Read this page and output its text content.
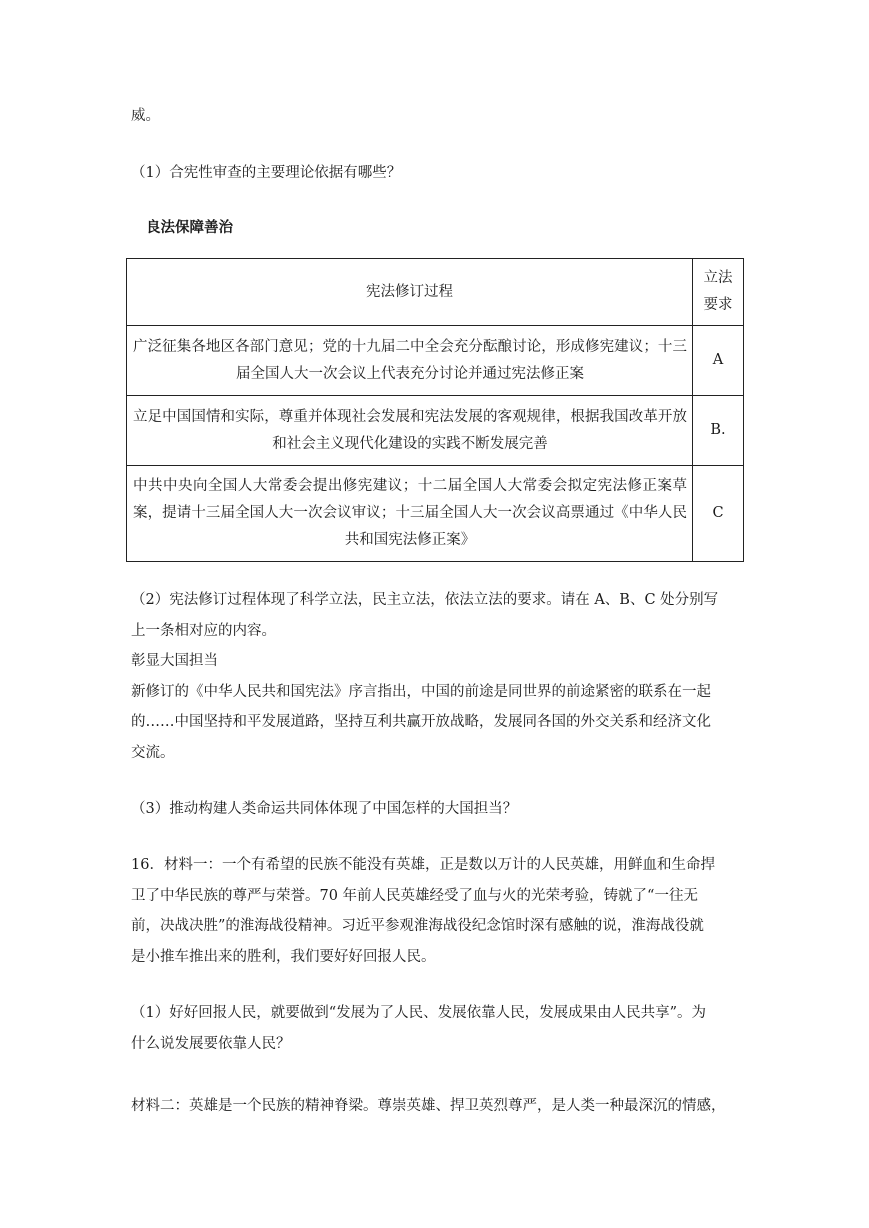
威。

（1）合宪性审查的主要理论依据有哪些？

良法保障善治

宪法修订过程	立法
要求

广泛征集各地区各部门意见；党的十九届二中全会充分酝酿讨论，形成修宪建议；十三届全国人大一次会议上代表充分讨论并通过宪法修正案	A

立足中国国情和实际，尊重并体现社会发展和宪法发展的客观规律，根据我国改革开放和社会主义现代化建设的实践不断发展完善	B.

中共中央向全国人大常委会提出修宪建议；十二届全国人大常委会拟定宪法修正案草案，提请十三届全国人大一次会议审议；十三届全国人大一次会议高票通过《中华人民共和国宪法修正案》	C
（2）宪法修订过程体现了科学立法，民主立法，依法立法的要求。请在 A、B、C 处分别写
上一条相对应的内容。
彰显大国担当
新修订的《中华人民共和国宪法》序言指出，中国的前途是同世界的前途紧密的联系在一起
的……中国坚持和平发展道路，坚持互利共赢开放战略，发展同各国的外交关系和经济文化
交流。

（3）推动构建人类命运共同体体现了中国怎样的大国担当？

16．材料一：一个有希望的民族不能没有英雄，正是数以万计的人民英雄，用鲜血和生命捍
卫了中华民族的尊严与荣誉。70 年前人民英雄经受了血与火的光荣考验，铸就了“一往无
前，决战决胜”的淮海战役精神。习近平参观淮海战役纪念馆时深有感触的说，淮海战役就
是小推车推出来的胜利，我们要好好回报人民。
（1）好好回报人民，就要做到“发展为了人民、发展依靠人民，发展成果由人民共享”。为
什么说发展要依靠人民？

材料二：英雄是一个民族的精神脊梁。尊崇英雄、捍卫英烈尊严，是人类一种最深沉的情感，
